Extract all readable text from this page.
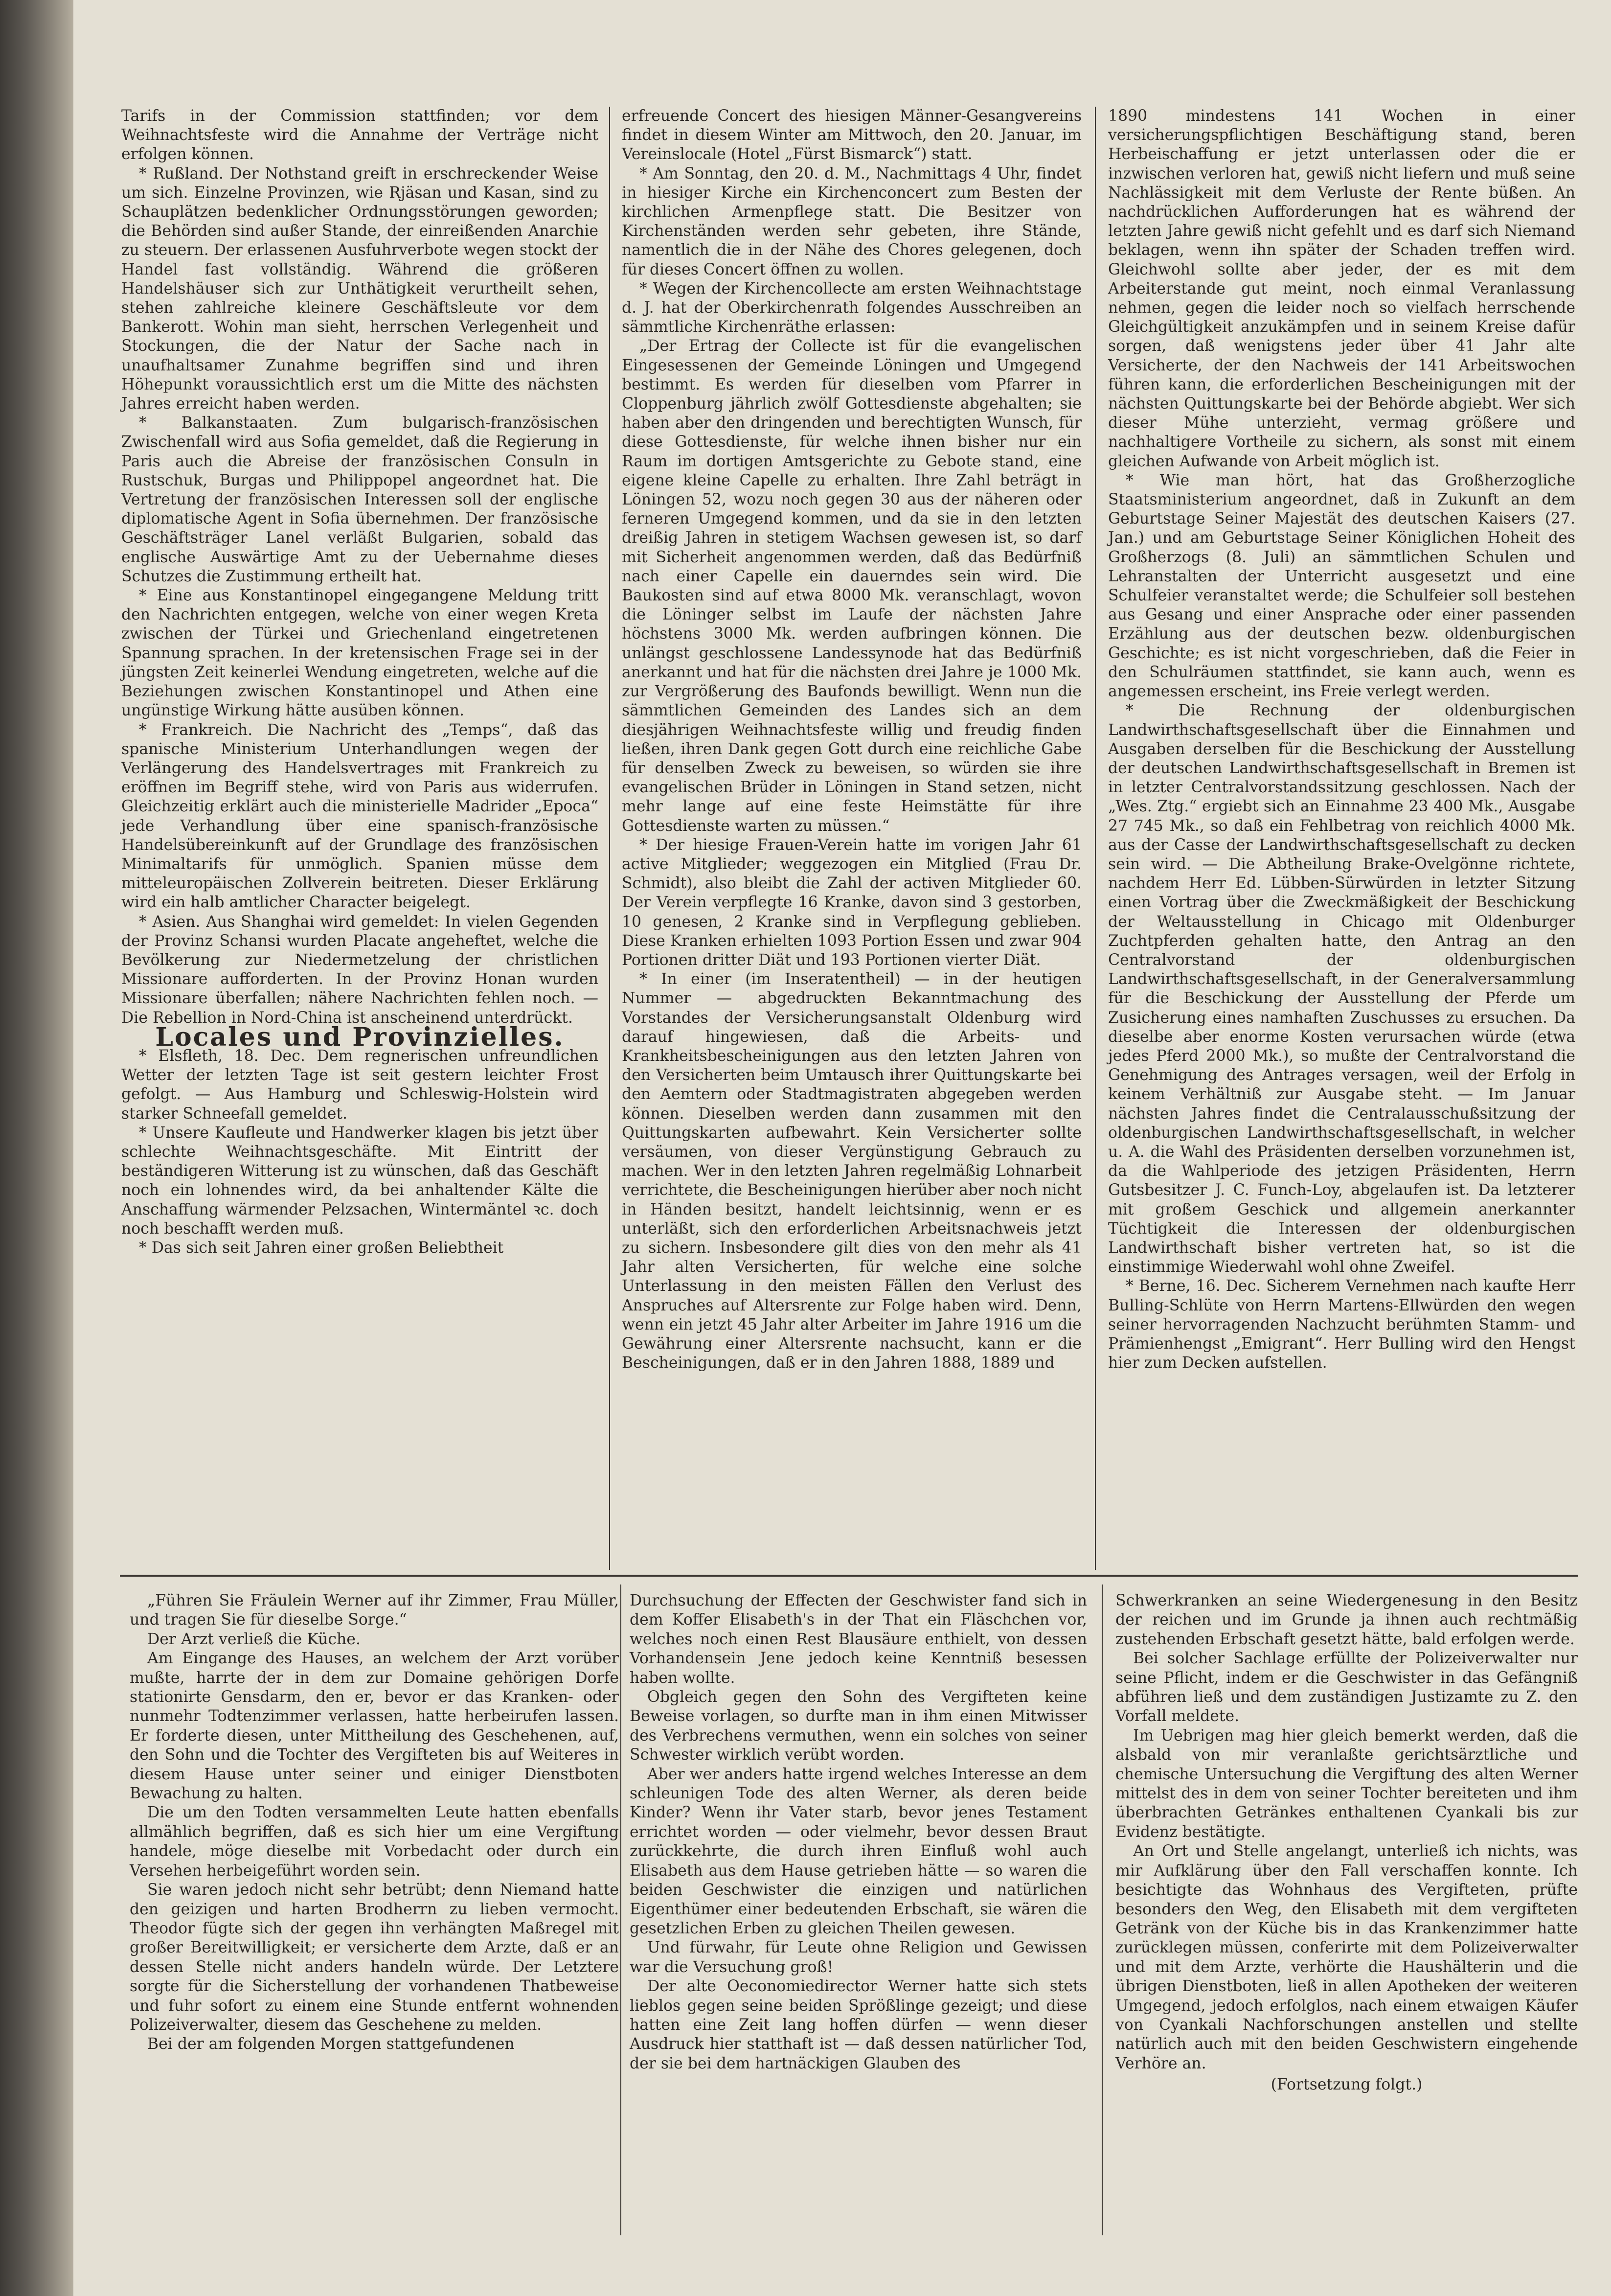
Tarifs in der Commission stattfinden; vor dem Weihnachtsfeste wird die Annahme der Verträge nicht erfolgen können.

* Rußland. Der Nothstand greift in erschreckender Weise um sich. Einzelne Provinzen, wie Rjäsan und Kasan, sind zu Schauplätzen bedenklicher Ordnungsstörungen geworden; die Behörden sind außer Stande, der einreißenden Anarchie zu steuern. Der erlassenen Ausfuhrverbote wegen stockt der Handel fast vollständig. Während die größeren Handelshäuser sich zur Unthätigkeit verurtheilt sehen, stehen zahlreiche kleinere Geschäftsleute vor dem Bankerott. Wohin man sieht, herrschen Verlegenheit und Stockungen, die der Natur der Sache nach in unaufhaltsamer Zunahme begriffen sind und ihren Höhepunkt voraussichtlich erst um die Mitte des nächsten Jahres erreicht haben werden.

* Balkanstaaten. Zum bulgarisch-französischen Zwischenfall wird aus Sofia gemeldet, daß die Regierung in Paris auch die Abreise der französischen Consuln in Rustschuk, Burgas und Philippopel angeordnet hat. Die Vertretung der französischen Interessen soll der englische diplomatische Agent in Sofia übernehmen. Der französische Geschäftsträger Lanel verläßt Bulgarien, sobald das englische Auswärtige Amt zu der Uebernahme dieses Schutzes die Zustimmung ertheilt hat.

* Eine aus Konstantinopel eingegangene Meldung tritt den Nachrichten entgegen, welche von einer wegen Kreta zwischen der Türkei und Griechenland eingetretenen Spannung sprachen. In der kretensischen Frage sei in der jüngsten Zeit keinerlei Wendung eingetreten, welche auf die Beziehungen zwischen Konstantinopel und Athen eine ungünstige Wirkung hätte ausüben können.

* Frankreich. Die Nachricht des „Temps“, daß das spanische Ministerium Unterhandlungen wegen der Verlängerung des Handelsvertrages mit Frankreich zu eröffnen im Begriff stehe, wird von Paris aus widerrufen. Gleichzeitig erklärt auch die ministerielle Madrider „Epoca“ jede Verhandlung über eine spanisch-französische Handelsübereinkunft auf der Grundlage des französischen Minimaltarifs für unmöglich. Spanien müsse dem mitteleuropäischen Zollverein beitreten. Dieser Erklärung wird ein halb amtlicher Character beigelegt.

* Asien. Aus Shanghai wird gemeldet: In vielen Gegenden der Provinz Schansi wurden Placate angeheftet, welche die Bevölkerung zur Niedermetzelung der christlichen Missionare aufforderten. In der Provinz Honan wurden Missionare überfallen; nähere Nachrichten fehlen noch. — Die Rebellion in Nord-China ist anscheinend unterdrückt.

Locales und Provinzielles.

* Elsfleth, 18. Dec. Dem regnerischen unfreundlichen Wetter der letzten Tage ist seit gestern leichter Frost gefolgt. — Aus Hamburg und Schleswig-Holstein wird starker Schneefall gemeldet.

* Unsere Kaufleute und Handwerker klagen bis jetzt über schlechte Weihnachtsgeschäfte. Mit Eintritt der beständigeren Witterung ist zu wünschen, daß das Geschäft noch ein lohnendes wird, da bei anhaltender Kälte die Anschaffung wärmender Pelzsachen, Wintermäntel ꝛc. doch noch beschafft werden muß.

* Das sich seit Jahren einer großen Beliebtheit

erfreuende Concert des hiesigen Männer-Gesangvereins findet in diesem Winter am Mittwoch, den 20. Januar, im Vereinslocale (Hotel „Fürst Bismarck“) statt.

* Am Sonntag, den 20. d. M., Nachmittags 4 Uhr, findet in hiesiger Kirche ein Kirchenconcert zum Besten der kirchlichen Armenpflege statt. Die Besitzer von Kirchenständen werden sehr gebeten, ihre Stände, namentlich die in der Nähe des Chores gelegenen, doch für dieses Concert öffnen zu wollen.

* Wegen der Kirchencollecte am ersten Weihnachtstage d. J. hat der Oberkirchenrath folgendes Ausschreiben an sämmtliche Kirchenräthe erlassen:

„Der Ertrag der Collecte ist für die evangelischen Eingesessenen der Gemeinde Löningen und Umgegend bestimmt. Es werden für dieselben vom Pfarrer in Cloppenburg jährlich zwölf Gottesdienste abgehalten; sie haben aber den dringenden und berechtigten Wunsch, für diese Gottesdienste, für welche ihnen bisher nur ein Raum im dortigen Amtsgerichte zu Gebote stand, eine eigene kleine Capelle zu erhalten. Ihre Zahl beträgt in Löningen 52, wozu noch gegen 30 aus der näheren oder ferneren Umgegend kommen, und da sie in den letzten dreißig Jahren in stetigem Wachsen gewesen ist, so darf mit Sicherheit angenommen werden, daß das Bedürfniß nach einer Capelle ein dauerndes sein wird. Die Baukosten sind auf etwa 8000 Mk. veranschlagt, wovon die Löninger selbst im Laufe der nächsten Jahre höchstens 3000 Mk. werden aufbringen können. Die unlängst geschlossene Landessynode hat das Bedürfniß anerkannt und hat für die nächsten drei Jahre je 1000 Mk. zur Vergrößerung des Baufonds bewilligt. Wenn nun die sämmtlichen Gemeinden des Landes sich an dem diesjährigen Weihnachtsfeste willig und freudig finden ließen, ihren Dank gegen Gott durch eine reichliche Gabe für denselben Zweck zu beweisen, so würden sie ihre evangelischen Brüder in Löningen in Stand setzen, nicht mehr lange auf eine feste Heimstätte für ihre Gottesdienste warten zu müssen.“

* Der hiesige Frauen-Verein hatte im vorigen Jahr 61 active Mitglieder; weggezogen ein Mitglied (Frau Dr. Schmidt), also bleibt die Zahl der activen Mitglieder 60. Der Verein verpflegte 16 Kranke, davon sind 3 gestorben, 10 genesen, 2 Kranke sind in Verpflegung geblieben. Diese Kranken erhielten 1093 Portion Essen und zwar 904 Portionen dritter Diät und 193 Portionen vierter Diät.

* In einer (im Inseratentheil) — in der heutigen Nummer — abgedruckten Bekanntmachung des Vorstandes der Versicherungsanstalt Oldenburg wird darauf hingewiesen, daß die Arbeits- und Krankheitsbescheinigungen aus den letzten Jahren von den Versicherten beim Umtausch ihrer Quittungskarte bei den Aemtern oder Stadtmagistraten abgegeben werden können. Dieselben werden dann zusammen mit den Quittungskarten aufbewahrt. Kein Versicherter sollte versäumen, von dieser Vergünstigung Gebrauch zu machen. Wer in den letzten Jahren regelmäßig Lohnarbeit verrichtete, die Bescheinigungen hierüber aber noch nicht in Händen besitzt, handelt leichtsinnig, wenn er es unterläßt, sich den erforderlichen Arbeitsnachweis jetzt zu sichern. Insbesondere gilt dies von den mehr als 41 Jahr alten Versicherten, für welche eine solche Unterlassung in den meisten Fällen den Verlust des Anspruches auf Altersrente zur Folge haben wird. Denn, wenn ein jetzt 45 Jahr alter Arbeiter im Jahre 1916 um die Gewährung einer Altersrente nachsucht, kann er die Bescheinigungen, daß er in den Jahren 1888, 1889 und

1890 mindestens 141 Wochen in einer versicherungspflichtigen Beschäftigung stand, beren Herbeischaffung er jetzt unterlassen oder die er inzwischen verloren hat, gewiß nicht liefern und muß seine Nachlässigkeit mit dem Verluste der Rente büßen. An nachdrücklichen Aufforderungen hat es während der letzten Jahre gewiß nicht gefehlt und es darf sich Niemand beklagen, wenn ihn später der Schaden treffen wird. Gleichwohl sollte aber jeder, der es mit dem Arbeiterstande gut meint, noch einmal Veranlassung nehmen, gegen die leider noch so vielfach herrschende Gleichgültigkeit anzukämpfen und in seinem Kreise dafür sorgen, daß wenigstens jeder über 41 Jahr alte Versicherte, der den Nachweis der 141 Arbeitswochen führen kann, die erforderlichen Bescheinigungen mit der nächsten Quittungskarte bei der Behörde abgiebt. Wer sich dieser Mühe unterzieht, vermag größere und nachhaltigere Vortheile zu sichern, als sonst mit einem gleichen Aufwande von Arbeit möglich ist.

* Wie man hört, hat das Großherzogliche Staatsministerium angeordnet, daß in Zukunft an dem Geburtstage Seiner Majestät des deutschen Kaisers (27. Jan.) und am Geburtstage Seiner Königlichen Hoheit des Großherzogs (8. Juli) an sämmtlichen Schulen und Lehranstalten der Unterricht ausgesetzt und eine Schulfeier veranstaltet werde; die Schulfeier soll bestehen aus Gesang und einer Ansprache oder einer passenden Erzählung aus der deutschen bezw. oldenburgischen Geschichte; es ist nicht vorgeschrieben, daß die Feier in den Schulräumen stattfindet, sie kann auch, wenn es angemessen erscheint, ins Freie verlegt werden.

* Die Rechnung der oldenburgischen Landwirthschaftsgesellschaft über die Einnahmen und Ausgaben derselben für die Beschickung der Ausstellung der deutschen Landwirthschaftsgesellschaft in Bremen ist in letzter Centralvorstandssitzung geschlossen. Nach der „Wes. Ztg.“ ergiebt sich an Einnahme 23 400 Mk., Ausgabe 27 745 Mk., so daß ein Fehlbetrag von reichlich 4000 Mk. aus der Casse der Landwirthschaftsgesellschaft zu decken sein wird. — Die Abtheilung Brake-Ovelgönne richtete, nachdem Herr Ed. Lübben-Sürwürden in letzter Sitzung einen Vortrag über die Zweckmäßigkeit der Beschickung der Weltausstellung in Chicago mit Oldenburger Zuchtpferden gehalten hatte, den Antrag an den Centralvorstand der oldenburgischen Landwirthschaftsgesellschaft, in der Generalversammlung für die Beschickung der Ausstellung der Pferde um Zusicherung eines namhaften Zuschusses zu ersuchen. Da dieselbe aber enorme Kosten verursachen würde (etwa jedes Pferd 2000 Mk.), so mußte der Centralvorstand die Genehmigung des Antrages versagen, weil der Erfolg in keinem Verhältniß zur Ausgabe steht. — Im Januar nächsten Jahres findet die Centralausschußsitzung der oldenburgischen Landwirthschaftsgesellschaft, in welcher u. A. die Wahl des Präsidenten derselben vorzunehmen ist, da die Wahlperiode des jetzigen Präsidenten, Herrn Gutsbesitzer J. C. Funch-Loy, abgelaufen ist. Da letzterer mit großem Geschick und allgemein anerkannter Tüchtigkeit die Interessen der oldenburgischen Landwirthschaft bisher vertreten hat, so ist die einstimmige Wiederwahl wohl ohne Zweifel.

* Berne, 16. Dec. Sicherem Vernehmen nach kaufte Herr Bulling-Schlüte von Herrn Martens-Ellwürden den wegen seiner hervorragenden Nachzucht berühmten Stamm- und Prämienhengst „Emigrant“. Herr Bulling wird den Hengst hier zum Decken aufstellen.

„Führen Sie Fräulein Werner auf ihr Zimmer, Frau Müller, und tragen Sie für dieselbe Sorge.“

Der Arzt verließ die Küche.

Am Eingange des Hauses, an welchem der Arzt vorüber mußte, harrte der in dem zur Domaine gehörigen Dorfe stationirte Gensdarm, den er, bevor er das Kranken- oder nunmehr Todtenzimmer verlassen, hatte herbeirufen lassen. Er forderte diesen, unter Mittheilung des Geschehenen, auf, den Sohn und die Tochter des Vergifteten bis auf Weiteres in diesem Hause unter seiner und einiger Dienstboten Bewachung zu halten.

Die um den Todten versammelten Leute hatten ebenfalls allmählich begriffen, daß es sich hier um eine Vergiftung handele, möge dieselbe mit Vorbedacht oder durch ein Versehen herbeigeführt worden sein.

Sie waren jedoch nicht sehr betrübt; denn Niemand hatte den geizigen und harten Brodherrn zu lieben vermocht. Theodor fügte sich der gegen ihn verhängten Maßregel mit großer Bereitwilligkeit; er versicherte dem Arzte, daß er an dessen Stelle nicht anders handeln würde. Der Letztere sorgte für die Sicherstellung der vorhandenen Thatbeweise und fuhr sofort zu einem eine Stunde entfernt wohnenden Polizeiverwalter, diesem das Geschehene zu melden.

Bei der am folgenden Morgen stattgefundenen

Durchsuchung der Effecten der Geschwister fand sich in dem Koffer Elisabeth's in der That ein Fläschchen vor, welches noch einen Rest Blausäure enthielt, von dessen Vorhandensein Jene jedoch keine Kenntniß besessen haben wollte.

Obgleich gegen den Sohn des Vergifteten keine Beweise vorlagen, so durfte man in ihm einen Mitwisser des Verbrechens vermuthen, wenn ein solches von seiner Schwester wirklich verübt worden.

Aber wer anders hatte irgend welches Interesse an dem schleunigen Tode des alten Werner, als deren beide Kinder? Wenn ihr Vater starb, bevor jenes Testament errichtet worden — oder vielmehr, bevor dessen Braut zurückkehrte, die durch ihren Einfluß wohl auch Elisabeth aus dem Hause getrieben hätte — so waren die beiden Geschwister die einzigen und natürlichen Eigenthümer einer bedeutenden Erbschaft, sie wären die gesetzlichen Erben zu gleichen Theilen gewesen.

Und fürwahr, für Leute ohne Religion und Gewissen war die Versuchung groß!

Der alte Oeconomiedirector Werner hatte sich stets lieblos gegen seine beiden Sprößlinge gezeigt; und diese hatten eine Zeit lang hoffen dürfen — wenn dieser Ausdruck hier statthaft ist — daß dessen natürlicher Tod, der sie bei dem hartnäckigen Glauben des

Schwerkranken an seine Wiedergenesung in den Besitz der reichen und im Grunde ja ihnen auch rechtmäßig zustehenden Erbschaft gesetzt hätte, bald erfolgen werde.

Bei solcher Sachlage erfüllte der Polizeiverwalter nur seine Pflicht, indem er die Geschwister in das Gefängniß abführen ließ und dem zuständigen Justizamte zu Z. den Vorfall meldete.

Im Uebrigen mag hier gleich bemerkt werden, daß die alsbald von mir veranlaßte gerichtsärztliche und chemische Untersuchung die Vergiftung des alten Werner mittelst des in dem von seiner Tochter bereiteten und ihm überbrachten Getränkes enthaltenen Cyankali bis zur Evidenz bestätigte.

An Ort und Stelle angelangt, unterließ ich nichts, was mir Aufklärung über den Fall verschaffen konnte. Ich besichtigte das Wohnhaus des Vergifteten, prüfte besonders den Weg, den Elisabeth mit dem vergifteten Getränk von der Küche bis in das Krankenzimmer hatte zurücklegen müssen, conferirte mit dem Polizeiverwalter und mit dem Arzte, verhörte die Haushälterin und die übrigen Dienstboten, ließ in allen Apotheken der weiteren Umgegend, jedoch erfolglos, nach einem etwaigen Käufer von Cyankali Nachforschungen anstellen und stellte natürlich auch mit den beiden Geschwistern eingehende Verhöre an.

(Fortsetzung folgt.)
